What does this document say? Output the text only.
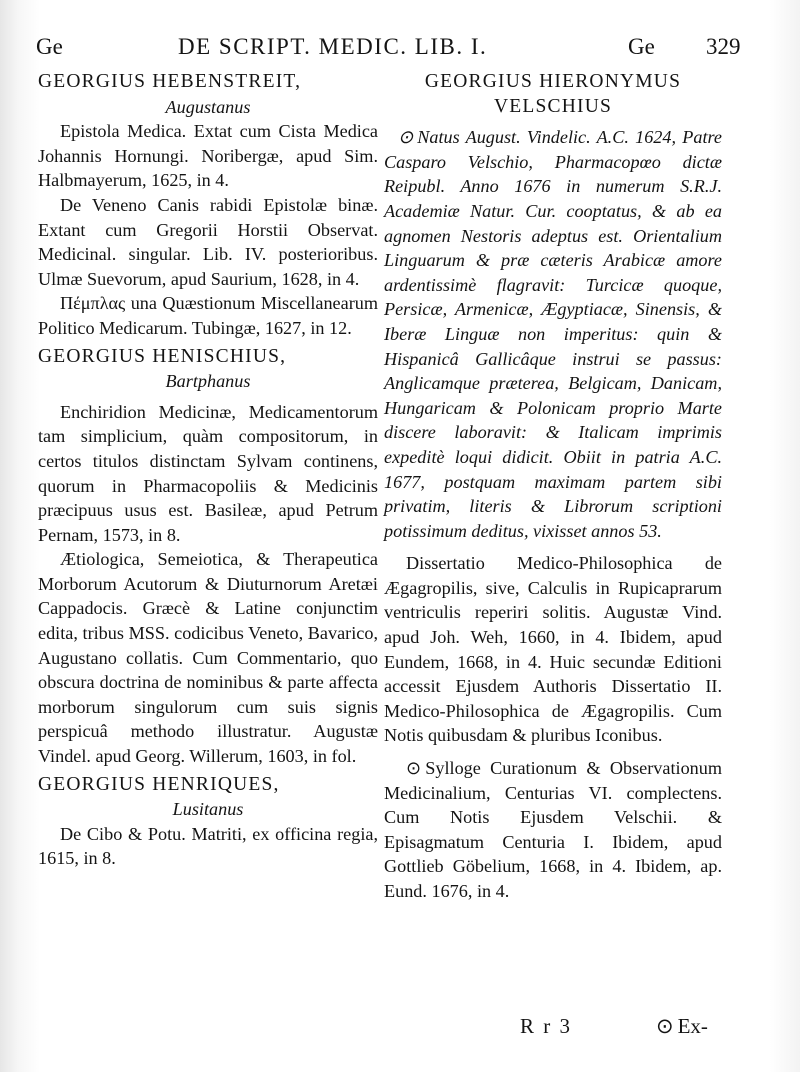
Ge	DE SCRIPT. MEDIC. LIB. I.	Ge 329
GEORGIUS HEBENSTREIT,
Augustanus

Epistola Medica. Extat cum Cista Medica Johannis Hornungi. Noribergæ, apud Sim. Halbmayerum, 1625, in 4.

De Veneno Canis rabidi Epistolæ binæ. Extant cum Gregorii Horstii Observat. Medicinal. singular. Lib. IV. posterioribus. Ulmæ Suevorum, apud Saurium, 1628, in 4.

Πέμπλας una Quæstionum Miscellanearum Politico Medicarum. Tubingæ, 1627, in 12.

GEORGIUS HENISCHIUS,
Bartphanus

Enchiridion Medicinæ, Medicamentorum tam simplicium, quàm compositorum, in certos titulos distinctam Sylvam continens, quorum in Pharmacopoliis & Medicinis præcipuus usus est. Basileæ, apud Petrum Pernam, 1573, in 8.

Ætiologica, Semeiotica, & Therapeutica Morborum Acutorum & Diuturnorum Aretæi Cappadocis. Græcè & Latine conjunctim edita, tribus MSS. codicibus Veneto, Bavarico, Augustano collatis. Cum Commentario, quo obscura doctrina de nominibus & parte affecta morborum singulorum cum suis signis perspicuâ methodo illustratur. Augustæ Vindel. apud Georg. Willerum, 1603, in fol.

GEORGIUS HENRIQUES,
Lusitanus

De Cibo & Potu. Matriti, ex officina regia, 1615, in 8.

GEORGIUS HIERONYMUS
VELSCHIUS

⊙ Natus August. Vindelic. A.C. 1624, Patre Casparo Velschio, Pharmacopœo dictæ Reipubl. Anno 1676 in numerum S.R.J. Academiæ Natur. Cur. cooptatus, & ab ea agnomen Nestoris adeptus est. Orientalium Linguarum & præ cæteris Arabicæ amore ardentissimè flagravit: Turcicæ quoque, Persicæ, Armenicæ, Ægyptiacæ, Sinensis, & Iberæ Linguæ non imperitus: quin & Hispanicâ Gallicâque instrui se passus: Anglicamque præterea, Belgicam, Danicam, Hungaricam & Polonicam proprio Marte discere laboravit: & Italicam imprimis expeditè loqui didicit. Obiit in patria A.C. 1677, postquam maximam partem sibi privatim, literis & Librorum scriptioni potissimum deditus, vixisset annos 53.

Dissertatio Medico-Philosophica de Ægagropilis, sive, Calculis in Rupicaprarum ventriculis reperiri solitis. Augustæ Vind. apud Joh. Weh, 1660, in 4. Ibidem, apud Eundem, 1668, in 4. Huic secundæ Editioni accessit Ejusdem Authoris Dissertatio II. Medico-Philosophica de Ægagropilis. Cum Notis quibusdam & pluribus Iconibus.

⊙ Sylloge Curationum & Observationum Medicinalium, Centurias VI. complectens. Cum Notis Ejusdem Velschii. & Episagmatum Centuria I. Ibidem, apud Gottlieb Göbelium, 1668, in 4. Ibidem, ap. Eund. 1676, in 4.

R r 3	⊙ Ex-
